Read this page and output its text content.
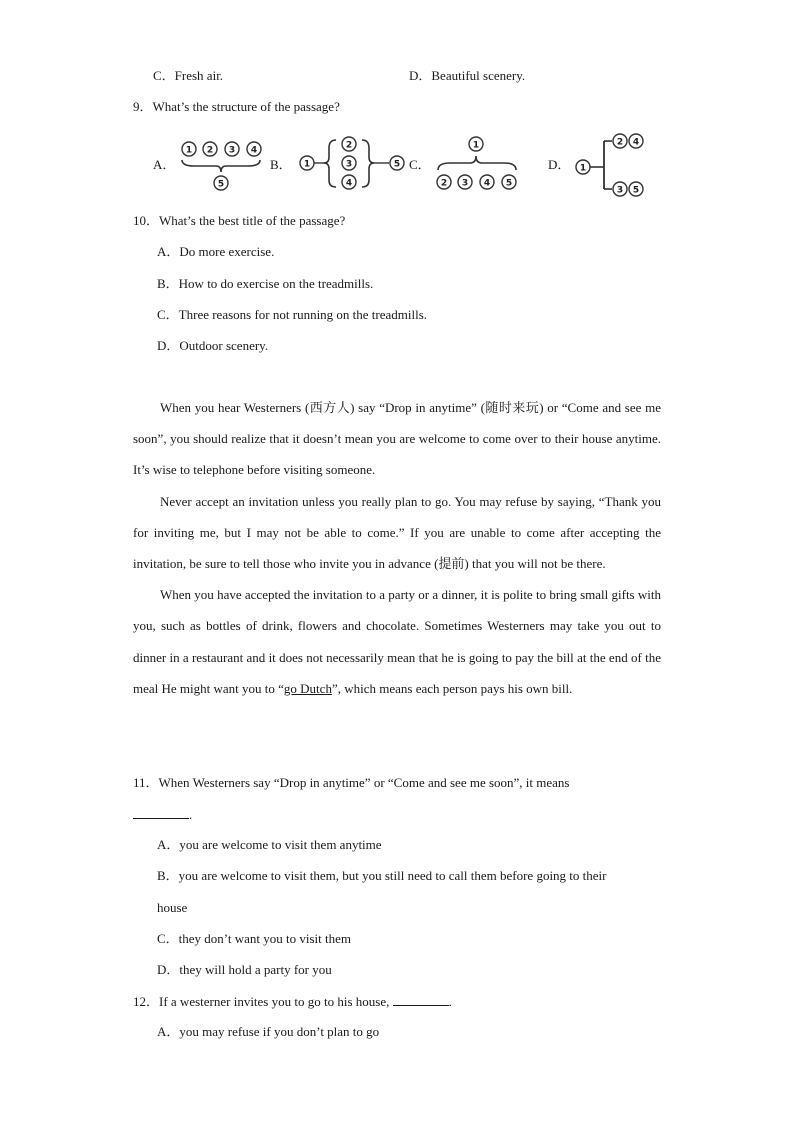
C．Fresh air.	D．Beautiful scenery.
9．What’s the structure of the passage?
A．
1 2 3 4
5
B． 1
2
3
4
5 C．
1
2 3 4 5
D． 1
2 4
3 5
10．What’s the best title of the passage?
A．Do more exercise.
B．How to do exercise on the treadmills.
C．Three reasons for not running on the treadmills.
D．Outdoor scenery.

When you hear Westerners (西方人) say “Drop in anytime” (随时来玩) or “Come and see me soon”, you should realize that it doesn’t mean you are welcome to come over to their house anytime. It’s wise to telephone before visiting someone.

Never accept an invitation unless you really plan to go. You may refuse by saying, “Thank you for inviting me, but I may not be able to come.” If you are unable to come after accepting the invitation, be sure to tell those who invite you in advance (提前) that you will not be there.

When you have accepted the invitation to a party or a dinner, it is polite to bring small gifts with you, such as bottles of drink, flowers and chocolate. Sometimes Westerners may take you out to dinner in a restaurant and it does not necessarily mean that he is going to pay the bill at the end of the meal He might want you to “go Dutch”, which means each person pays his own bill.

11．When Westerners say “Drop in anytime” or “Come and see me soon”, it means
.
A．you are welcome to visit them anytime
B．you are welcome to visit them, but you still need to call them before going to their
house
C．they don’t want you to visit them
D．they will hold a party for you
12．If a westerner invites you to go to his house,	.
A．you may refuse if you don’t plan to go
